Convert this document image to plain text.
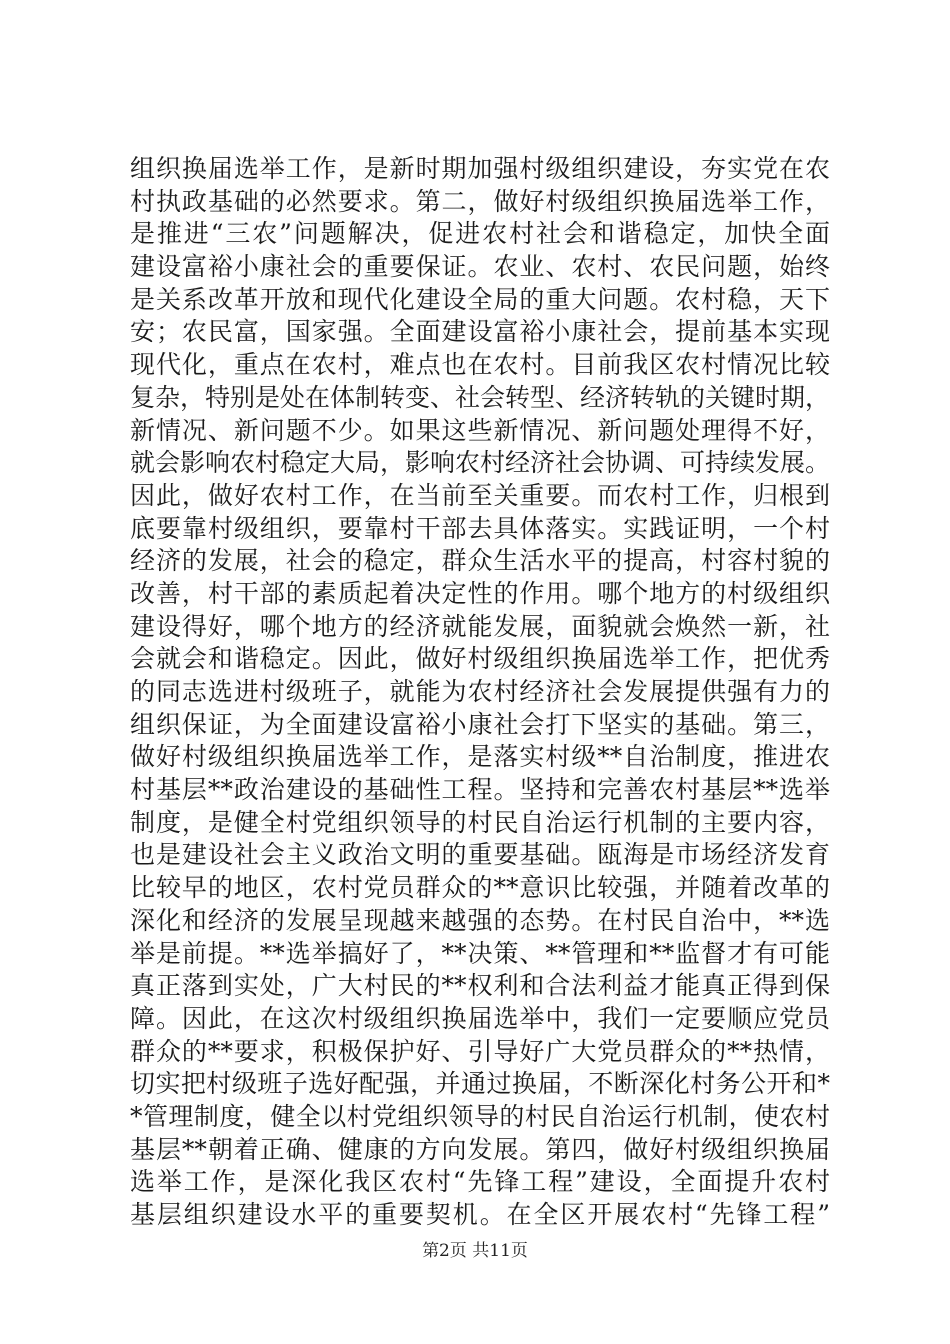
组织换届选举工作，是新时期加强村级组织建设，夯实党在农
村执政基础的必然要求。第二，做好村级组织换届选举工作，
是推进“三农”问题解决，促进农村社会和谐稳定，加快全面
建设富裕小康社会的重要保证。农业、农村、农民问题，始终
是关系改革开放和现代化建设全局的重大问题。农村稳，天下
安；农民富，国家强。全面建设富裕小康社会，提前基本实现
现代化，重点在农村，难点也在农村。目前我区农村情况比较
复杂，特别是处在体制转变、社会转型、经济转轨的关键时期，
新情况、新问题不少。如果这些新情况、新问题处理得不好，
就会影响农村稳定大局，影响农村经济社会协调、可持续发展。
因此，做好农村工作，在当前至关重要。而农村工作，归根到
底要靠村级组织，要靠村干部去具体落实。实践证明，一个村
经济的发展，社会的稳定，群众生活水平的提高，村容村貌的
改善，村干部的素质起着决定性的作用。哪个地方的村级组织
建设得好，哪个地方的经济就能发展，面貌就会焕然一新，社
会就会和谐稳定。因此，做好村级组织换届选举工作，把优秀
的同志选进村级班子，就能为农村经济社会发展提供强有力的
组织保证，为全面建设富裕小康社会打下坚实的基础。第三，
做好村级组织换届选举工作，是落实村级**自治制度，推进农
村基层**政治建设的基础性工程。坚持和完善农村基层**选举
制度，是健全村党组织领导的村民自治运行机制的主要内容，
也是建设社会主义政治文明的重要基础。瓯海是市场经济发育
比较早的地区，农村党员群众的**意识比较强，并随着改革的
深化和经济的发展呈现越来越强的态势。在村民自治中，**选
举是前提。**选举搞好了，**决策、**管理和**监督才有可能
真正落到实处，广大村民的**权利和合法利益才能真正得到保
障。因此，在这次村级组织换届选举中，我们一定要顺应党员
群众的**要求，积极保护好、引导好广大党员群众的**热情，
切实把村级班子选好配强，并通过换届，不断深化村务公开和*
*管理制度，健全以村党组织领导的村民自治运行机制，使农村
基层**朝着正确、健康的方向发展。第四，做好村级组织换届
选举工作，是深化我区农村“先锋工程”建设，全面提升农村
基层组织建设水平的重要契机。在全区开展农村“先锋工程”
第2页 共11页
